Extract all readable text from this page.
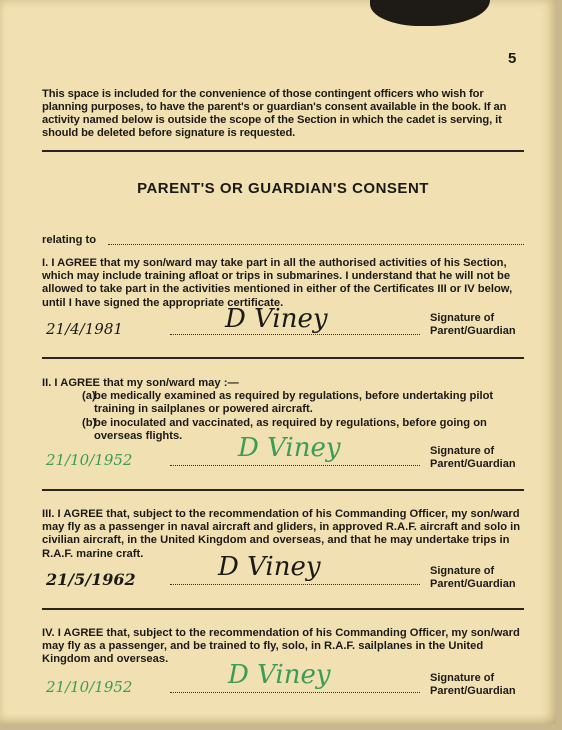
5
This space is included for the convenience of those contingent officers who wish for planning purposes, to have the parent's or guardian's consent available in the book. If an activity named below is outside the scope of the Section in which the cadet is serving, it should be deleted before signature is requested.
PARENT'S OR GUARDIAN'S CONSENT
relating to
I. I AGREE that my son/ward may take part in all the authorised activities of his Section, which may include training afloat or trips in submarines. I understand that he will not be allowed to take part in the activities mentioned in either of the Certificates III or IV below, until I have signed the appropriate certificate.
21/4/1981	D Viney	Signature of
Parent/Guardian
II. I AGREE that my son/ward may :—
(a)
be medically examined as required by regulations, before undertaking pilot training in sailplanes or powered aircraft.
(b)
be inoculated and vaccinated, as required by regulations, before going on overseas flights.
21/10/1952	D Viney	Signature of
Parent/Guardian
III. I AGREE that, subject to the recommendation of his Commanding Officer, my son/ward may fly as a passenger in naval aircraft and gliders, in approved R.A.F. aircraft and solo in civilian aircraft, in the United Kingdom and overseas, and that he may undertake trips in R.A.F. marine craft.
21/5/1962	D Viney	Signature of
Parent/Guardian
IV. I AGREE that, subject to the recommendation of his Commanding Officer, my son/ward may fly as a passenger, and be trained to fly, solo, in R.A.F. sailplanes in the United Kingdom and overseas.
21/10/1952	D Viney	Signature of
Parent/Guardian
